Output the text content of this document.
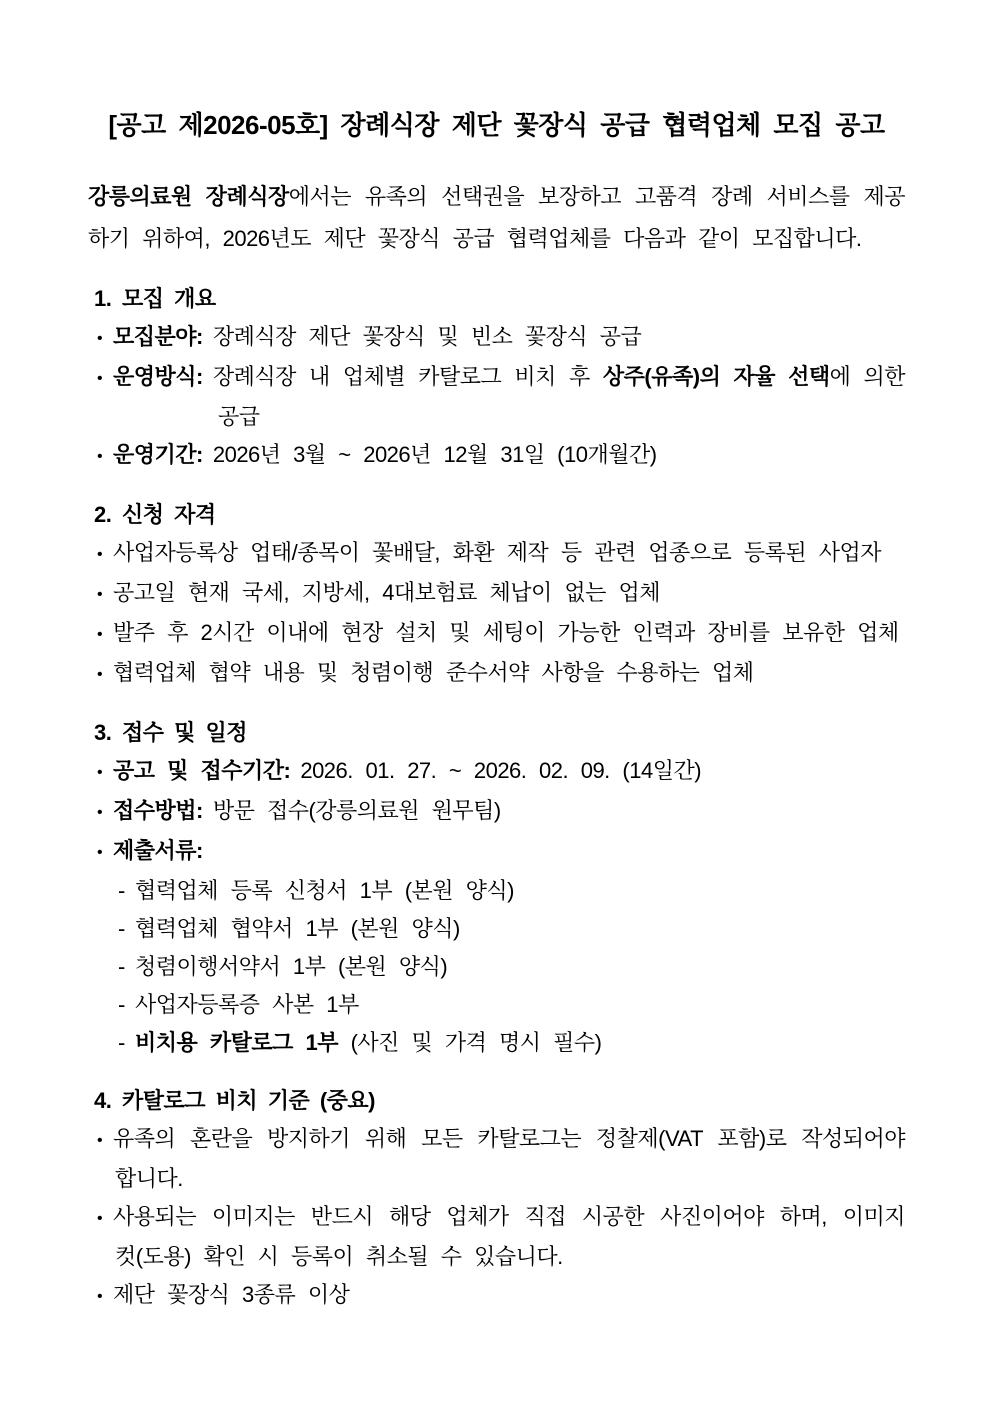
[공고 제2026-05호] 장례식장 제단 꽃장식 공급 협력업체 모집 공고

강릉의료원 장례식장에서는 유족의 선택권을 보장하고 고품격 장례 서비스를 제공하기 위하여, 2026년도 제단 꽃장식 공급 협력업체를 다음과 같이 모집합니다.

1. 모집 개요
• 모집분야: 장례식장 제단 꽃장식 및 빈소 꽃장식 공급
• 운영방식: 장례식장 내 업체별 카탈로그 비치 후 상주(유족)의 자율 선택에 의한 공급
• 운영기간: 2026년 3월 ~ 2026년 12월 31일 (10개월간)
2. 신청 자격
• 사업자등록상 업태/종목이 꽃배달, 화환 제작 등 관련 업종으로 등록된 사업자
• 공고일 현재 국세, 지방세, 4대보험료 체납이 없는 업체
• 발주 후 2시간 이내에 현장 설치 및 세팅이 가능한 인력과 장비를 보유한 업체
• 협력업체 협약 내용 및 청렴이행 준수서약 사항을 수용하는 업체
3. 접수 및 일정
• 공고 및 접수기간: 2026. 01. 27. ~ 2026. 02. 09. (14일간)
• 접수방법: 방문 접수(강릉의료원 원무팀)
• 제출서류:
- 협력업체 등록 신청서 1부 (본원 양식)
- 협력업체 협약서 1부 (본원 양식)
- 청렴이행서약서 1부 (본원 양식)
- 사업자등록증 사본 1부
- 비치용 카탈로그 1부 (사진 및 가격 명시 필수)
4. 카탈로그 비치 기준 (중요)
• 유족의 혼란을 방지하기 위해 모든 카탈로그는 정찰제(VAT 포함)로 작성되어야 합니다.
• 사용되는 이미지는 반드시 해당 업체가 직접 시공한 사진이어야 하며, 이미지 컷(도용) 확인 시 등록이 취소될 수 있습니다.
• 제단 꽃장식 3종류 이상
